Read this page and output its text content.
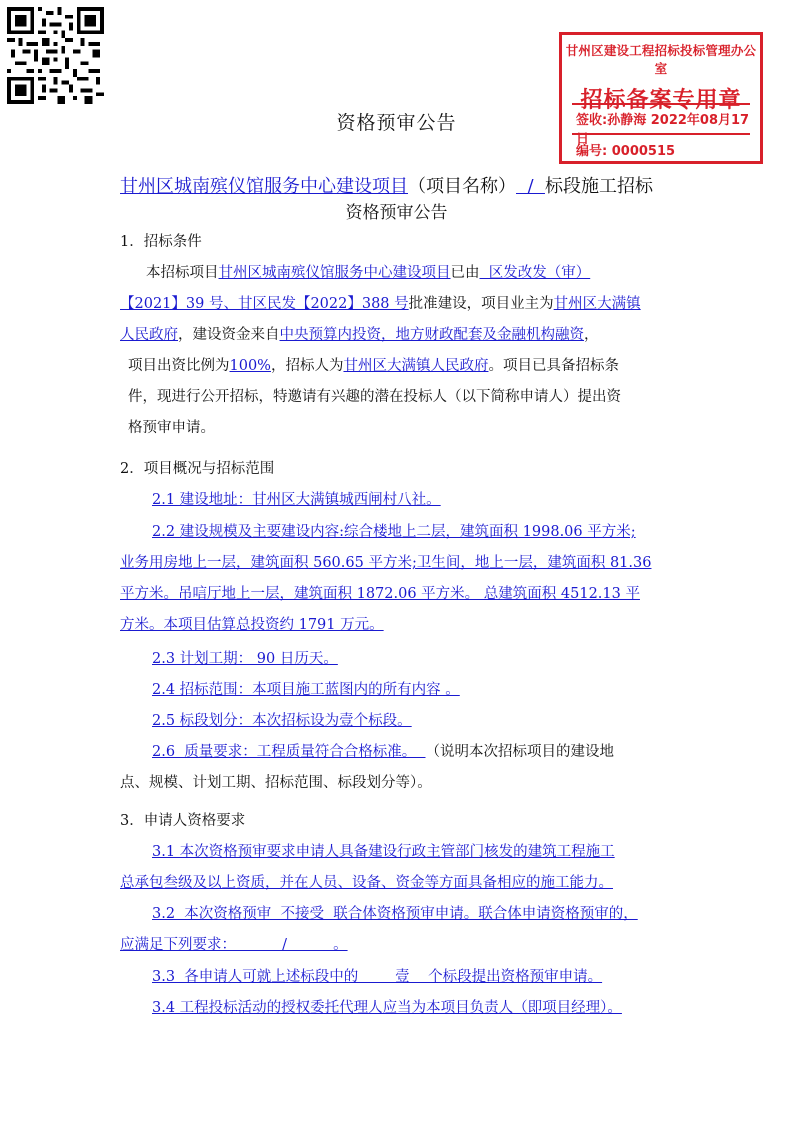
甘州区建设工程招标投标管理办公室
招标备案专用章
签收:孙静海 2022年08月17日
编号: 0000515
资格预审公告
甘州区城南殡仪馆服务中心建设项目（项目名称）  /  标段施工招标
资格预审公告
1．招标条件
本招标项目甘州区城南殡仪馆服务中心建设项目已由  区发改发（审）
【2021】39 号、甘区民发【2022】388 号批准建设，项目业主为甘州区大满镇
人民政府，建设资金来自中央预算内投资，地方财政配套及金融机构融资，
项目出资比例为100%，招标人为甘州区大满镇人民政府。项目已具备招标条
件，现进行公开招标，特邀请有兴趣的潜在投标人（以下简称申请人）提出资
格预审申请。
2．项目概况与招标范围
2.1 建设地址：甘州区大满镇城西闸村八社。
2.2 建设规模及主要建设内容:综合楼地上二层，建筑面积 1998.06 平方米;
业务用房地上一层，建筑面积 560.65 平方米;卫生间，地上一层，建筑面积 81.36
平方米。吊唁厅地上一层，建筑面积 1872.06 平方米。 总建筑面积 4512.13 平
方米。本项目估算总投资约 1791 万元。
2.3 计划工期： 90 日历天。
2.4 招标范围：本项目施工蓝图内的所有内容 。
2.5 标段划分：本次招标设为壹个标段。
2.6  质量要求：工程质量符合合格标准。  （说明本次招标项目的建设地
点、规模、计划工期、招标范围、标段划分等）。
3．申请人资格要求
3.1 本次资格预审要求申请人具备建设行政主管部门核发的建筑工程施工
总承包叁级及以上资质，并在人员、设备、资金等方面具备相应的施工能力。
3.2  本次资格预审  不接受  联合体资格预审申请。联合体申请资格预审的，
应满足下列要求：          /          。
3.3  各申请人可就上述标段中的        壹    个标段提出资格预审申请。
3.4 工程投标活动的授权委托代理人应当为本项目负责人（即项目经理）。
